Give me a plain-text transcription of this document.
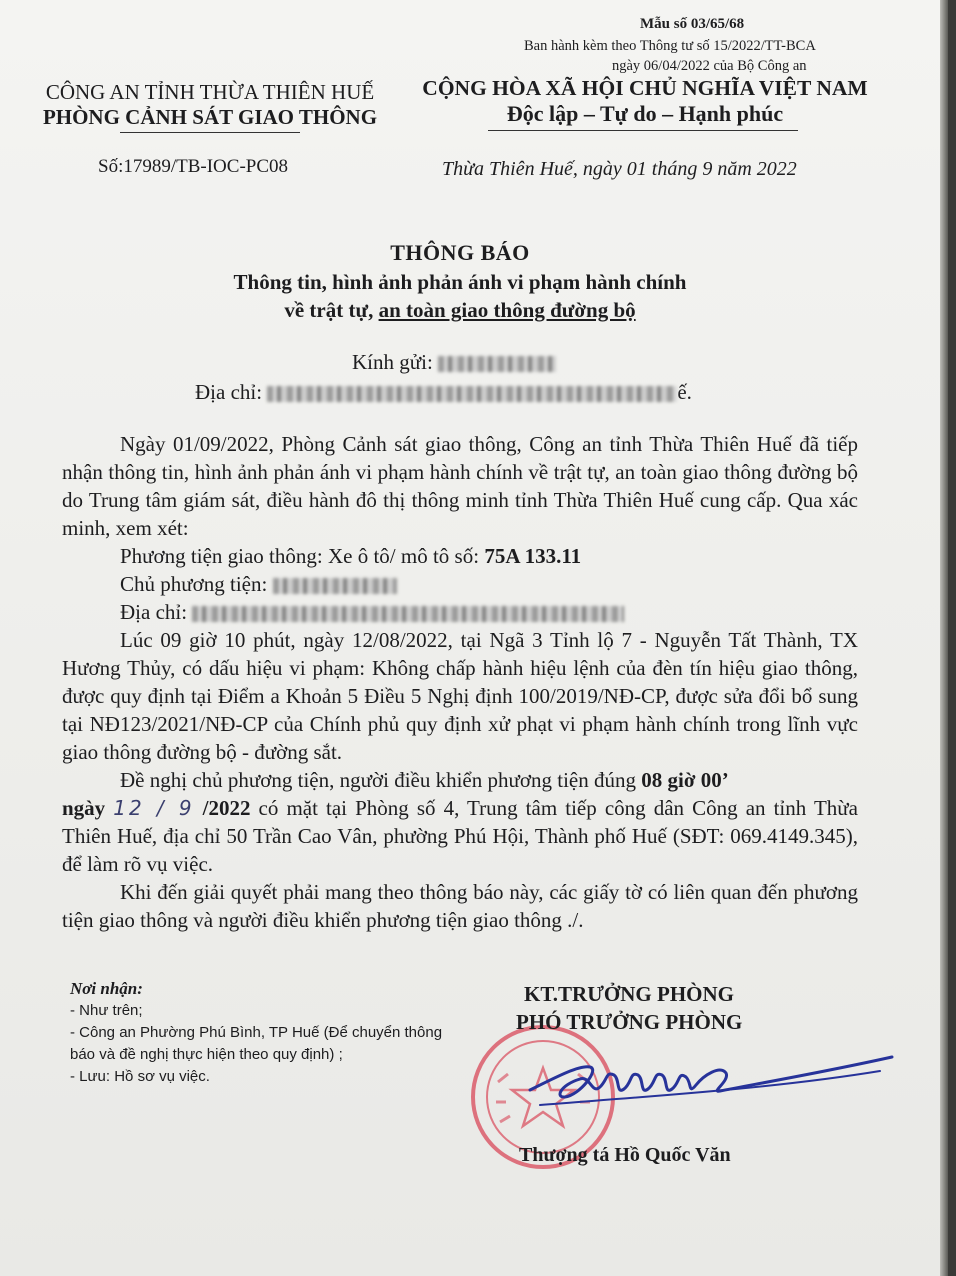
Mẫu số 03/65/68
Ban hành kèm theo Thông tư số 15/2022/TT-BCA
ngày 06/04/2022 của Bộ Công an
CÔNG AN TỈNH THỪA THIÊN HUẾ
PHÒNG CẢNH SÁT GIAO THÔNG
CỘNG HÒA XÃ HỘI CHỦ NGHĨA VIỆT NAM
Độc lập – Tự do – Hạnh phúc
Số:17989/TB-IOC-PC08	Thừa Thiên Huế, ngày 01 tháng 9 năm 2022
THÔNG BÁO
Thông tin, hình ảnh phản ánh vi phạm hành chính
về trật tự, an toàn giao thông đường bộ
Kính gửi:
Địa chỉ:	ế.

Ngày 01/09/2022, Phòng Cảnh sát giao thông, Công an tỉnh Thừa Thiên Huế đã tiếp nhận thông tin, hình ảnh phản ánh vi phạm hành chính về trật tự, an toàn giao thông đường bộ do Trung tâm giám sát, điều hành đô thị thông minh tỉnh Thừa Thiên Huế cung cấp. Qua xác minh, xem xét:

Phương tiện giao thông: Xe ô tô/ mô tô số: 75A 133.11

Chủ phương tiện:

Địa chỉ:

Lúc 09 giờ 10 phút, ngày 12/08/2022, tại Ngã 3 Tỉnh lộ 7 - Nguyễn Tất Thành, TX Hương Thủy, có dấu hiệu vi phạm: Không chấp hành hiệu lệnh của đèn tín hiệu giao thông, được quy định tại Điểm a Khoản 5 Điều 5 Nghị định 100/2019/NĐ-CP, được sửa đổi bổ sung tại NĐ123/2021/NĐ-CP của Chính phủ quy định xử phạt vi phạm hành chính trong lĩnh vực giao thông đường bộ - đường sắt.

Đề nghị chủ phương tiện, người điều khiển phương tiện đúng 08 giờ 00’
ngày 12 / 9 /2022 có mặt tại Phòng số 4, Trung tâm tiếp công dân Công an tỉnh Thừa Thiên Huế, địa chỉ 50 Trần Cao Vân, phường Phú Hội, Thành phố Huế (SĐT: 069.4149.345), để làm rõ vụ việc.

Khi đến giải quyết phải mang theo thông báo này, các giấy tờ có liên quan đến phương tiện giao thông và người điều khiển phương tiện giao thông ./.

Nơi nhận:
- Như trên;
- Công an Phường Phú Bình, TP Huế (Để chuyển thông báo và đề nghị thực hiện theo quy định) ;
- Lưu: Hồ sơ vụ việc.
KT.TRƯỞNG PHÒNG
PHÓ TRƯỞNG PHÒNG
Thượng tá Hồ Quốc Văn
